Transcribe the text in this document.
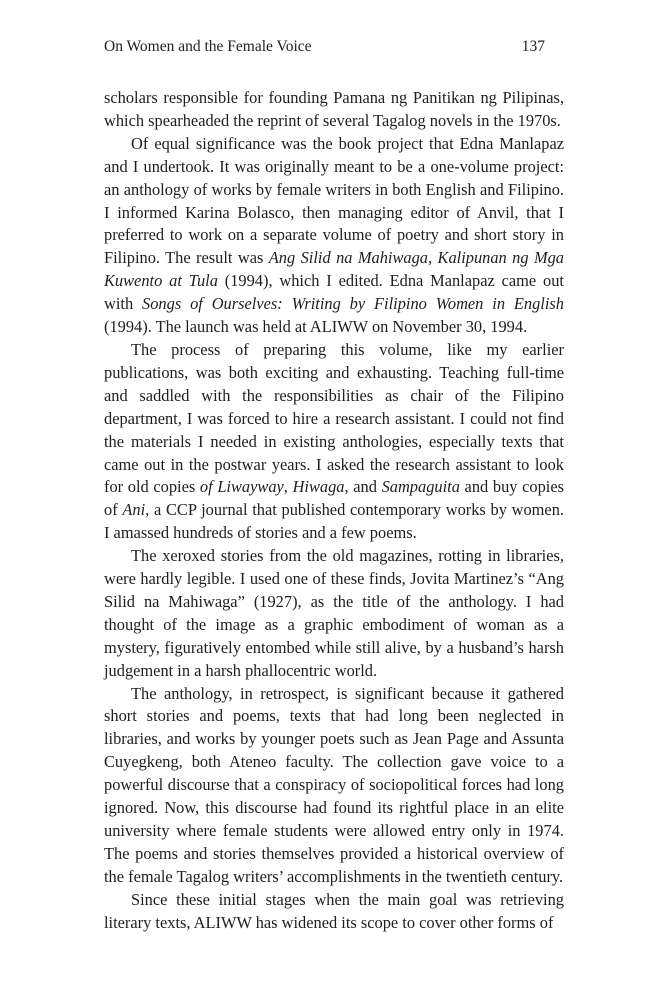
On Women and the Female Voice	137

scholars responsible for founding Pamana ng Panitikan ng Pilipinas, which spearheaded the reprint of several Tagalog novels in the 1970s.

Of equal significance was the book project that Edna Manlapaz and I undertook. It was originally meant to be a one-volume project: an anthology of works by female writers in both English and Filipino. I informed Karina Bolasco, then managing editor of Anvil, that I preferred to work on a separate volume of poetry and short story in Filipino. The result was Ang Silid na Mahiwaga, Kalipunan ng Mga Kuwento at Tula (1994), which I edited. Edna Manlapaz came out with Songs of Ourselves: Writing by Filipino Women in English (1994). The launch was held at ALIWW on November 30, 1994.

The process of preparing this volume, like my earlier publications, was both exciting and exhausting. Teaching full-time and saddled with the responsibilities as chair of the Filipino department, I was forced to hire a research assistant. I could not find the materials I needed in existing anthologies, especially texts that came out in the postwar years. I asked the research assistant to look for old copies of Liwayway, Hiwaga, and Sampaguita and buy copies of Ani, a CCP journal that published contemporary works by women. I amassed hundreds of stories and a few poems.

The xeroxed stories from the old magazines, rotting in libraries, were hardly legible. I used one of these finds, Jovita Martinez’s “Ang Silid na Mahiwaga” (1927), as the title of the anthology. I had thought of the image as a graphic embodiment of woman as a mystery, figuratively entombed while still alive, by a husband’s harsh judgement in a harsh phallocentric world.

The anthology, in retrospect, is significant because it gathered short stories and poems, texts that had long been neglected in libraries, and works by younger poets such as Jean Page and Assunta Cuyegkeng, both Ateneo faculty. The collection gave voice to a powerful discourse that a conspiracy of sociopolitical forces had long ignored. Now, this discourse had found its rightful place in an elite university where female students were allowed entry only in 1974. The poems and stories themselves provided a historical overview of the female Tagalog writers’ accomplishments in the twentieth century.

Since these initial stages when the main goal was retrieving literary texts, ALIWW has widened its scope to cover other forms of
